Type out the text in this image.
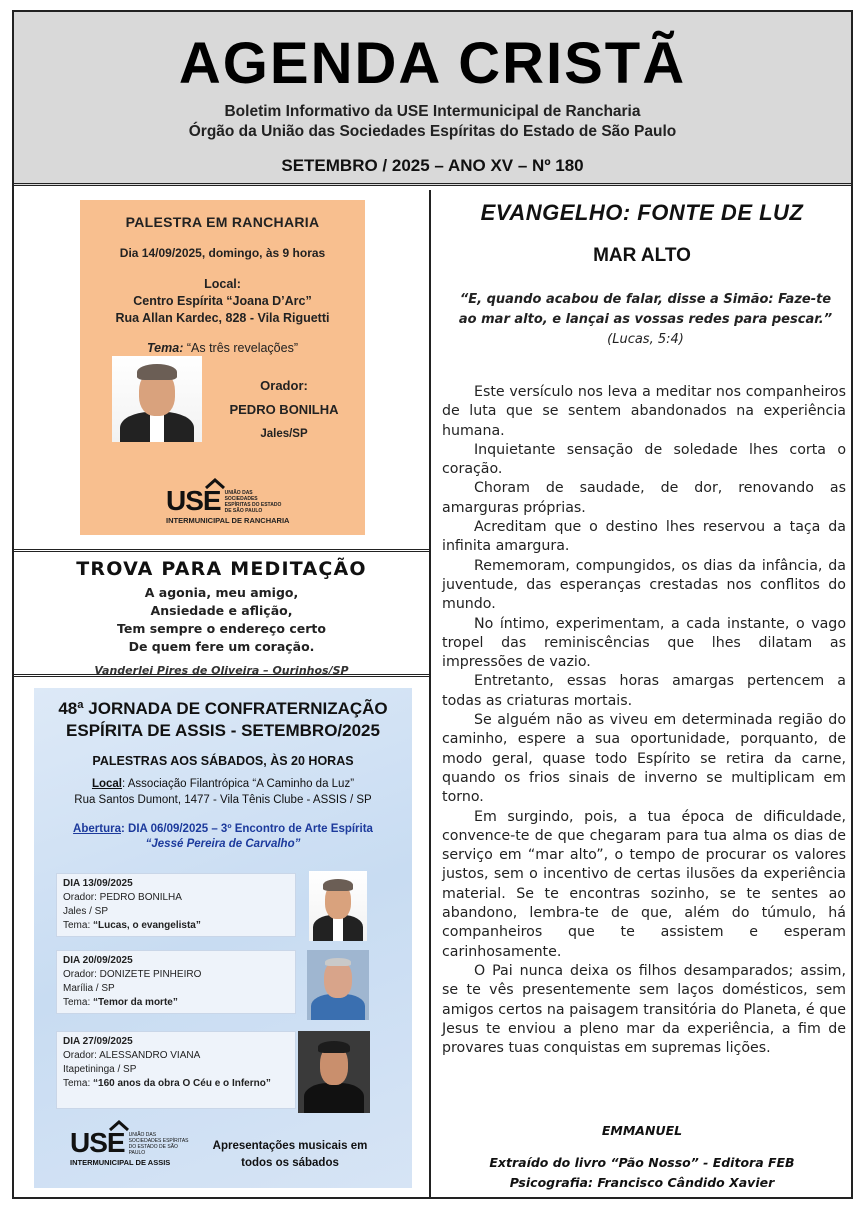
AGENDA CRISTÃ
Boletim Informativo da USE Intermunicipal de Rancharia
Órgão da União das Sociedades Espíritas do Estado de São Paulo
SETEMBRO / 2025 – ANO XV – Nº 180
PALESTRA EM RANCHARIA
Dia 14/09/2025, domingo, às 9 horas
Local:
Centro Espírita “Joana D’Arc”
Rua Allan Kardec, 828 - Vila Riguetti
Tema: “As três revelações”
Orador:
PEDRO BONILHA
Jales/SP
USE UNIÃO DAS SOCIEDADES ESPÍRITAS DO ESTADO DE SÃO PAULO
INTERMUNICIPAL DE RANCHARIA
TROVA PARA MEDITAÇÃO
A agonia, meu amigo,
Ansiedade e aflição,
Tem sempre o endereço certo
De quem fere um coração.
Vanderlei Pires de Oliveira – Ourinhos/SP
48ª JORNADA DE CONFRATERNIZAÇÃO
ESPÍRITA DE ASSIS - SETEMBRO/2025
PALESTRAS AOS SÁBADOS, ÀS 20 HORAS
Local: Associação Filantrópica “A Caminho da Luz”
Rua Santos Dumont, 1477 - Vila Tênis Clube - ASSIS / SP
Abertura: DIA 06/09/2025 – 3º Encontro de Arte Espírita
“Jessé Pereira de Carvalho”
DIA 13/09/2025
Orador: PEDRO BONILHA
Jales / SP
Tema: “Lucas, o evangelista”
DIA 20/09/2025
Orador: DONIZETE PINHEIRO
Marília / SP
Tema: “Temor da morte”
DIA 27/09/2025
Orador: ALESSANDRO VIANA
Itapetininga / SP
Tema: “160 anos da obra O Céu e o Inferno”
USE UNIÃO DAS SOCIEDADES ESPÍRITAS DO ESTADO DE SÃO PAULO
INTERMUNICIPAL DE ASSIS
Apresentações musicais em todos os sábados
EVANGELHO: FONTE DE LUZ
MAR ALTO
“E, quando acabou de falar, disse a Simão: Faze-te ao mar alto, e lançai as vossas redes para pescar.” (Lucas, 5:4)

Este versículo nos leva a meditar nos companheiros de luta que se sentem abandonados na experiência humana.

Inquietante sensação de soledade lhes corta o coração.

Choram de saudade, de dor, renovando as amarguras próprias.

Acreditam que o destino lhes reservou a taça da infinita amargura.

Rememoram, compungidos, os dias da infância, da juventude, das esperanças crestadas nos conflitos do mundo.

No íntimo, experimentam, a cada instante, o vago tropel das reminiscências que lhes dilatam as impressões de vazio.

Entretanto, essas horas amargas pertencem a todas as criaturas mortais.

Se alguém não as viveu em determinada região do caminho, espere a sua oportunidade, porquanto, de modo geral, quase todo Espírito se retira da carne, quando os frios sinais de inverno se multiplicam em torno.

Em surgindo, pois, a tua época de dificuldade, convence-te de que chegaram para tua alma os dias de serviço em “mar alto”, o tempo de procurar os valores justos, sem o incentivo de certas ilusões da experiência material. Se te encontras sozinho, se te sentes ao abandono, lembra-te de que, além do túmulo, há companheiros que te assistem e esperam carinhosamente.

O Pai nunca deixa os filhos desamparados; assim, se te vês presentemente sem laços domésticos, sem amigos certos na paisagem transitória do Planeta, é que Jesus te enviou a pleno mar da experiência, a fim de provares tuas conquistas em supremas lições.

EMMANUEL
Extraído do livro “Pão Nosso” - Editora FEB
Psicografia: Francisco Cândido Xavier
